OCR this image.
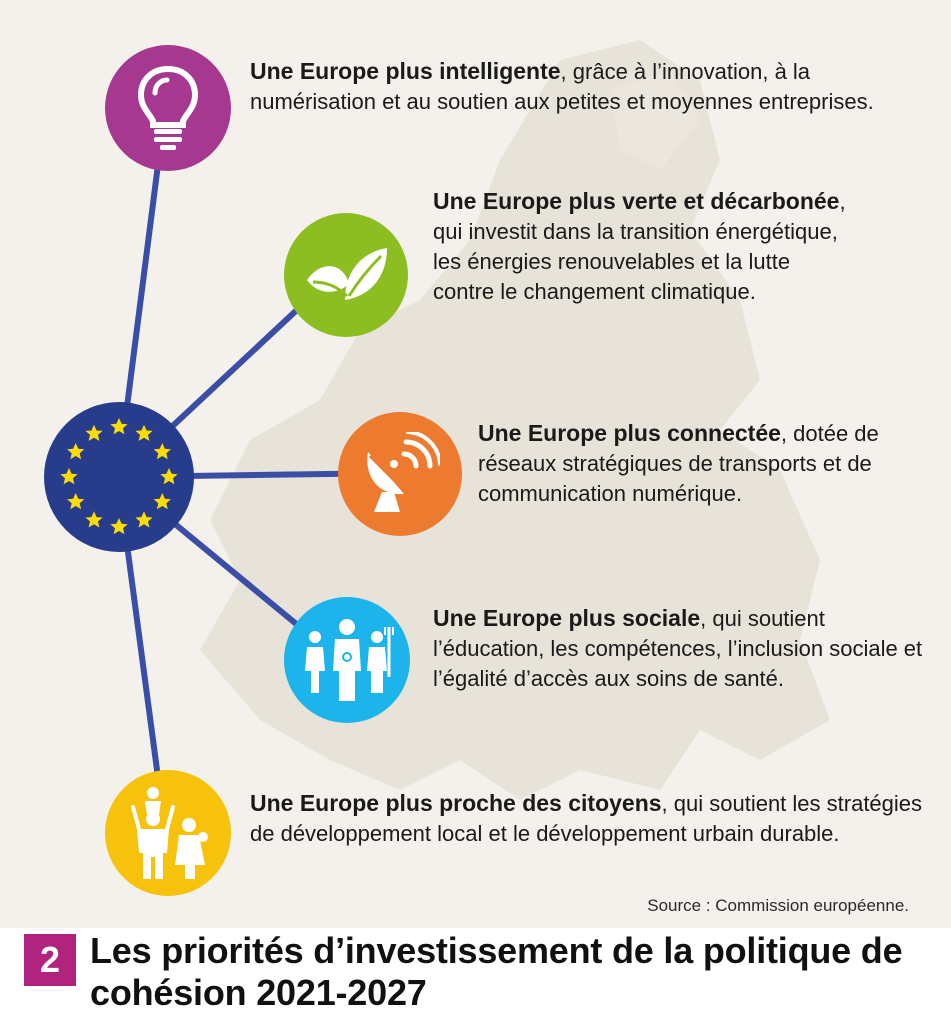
Une Europe plus intelligente, grâce à l’innovation, à la numérisation et au soutien aux petites et moyennes entreprises.
Une Europe plus verte et décarbonée, qui investit dans la transition énergétique, les énergies renouvelables et la lutte contre le changement climatique.
Une Europe plus connectée, dotée de réseaux stratégiques de transports et de communication numérique.
Une Europe plus sociale, qui soutient l’éducation, les compétences, l’inclusion sociale et l’égalité d’accès aux soins de santé.
Une Europe plus proche des citoyens, qui soutient les stratégies de développement local et le développement urbain durable.
Source : Commission européenne.
2 Les priorités d’investissement de la politique de cohésion 2021-2027
